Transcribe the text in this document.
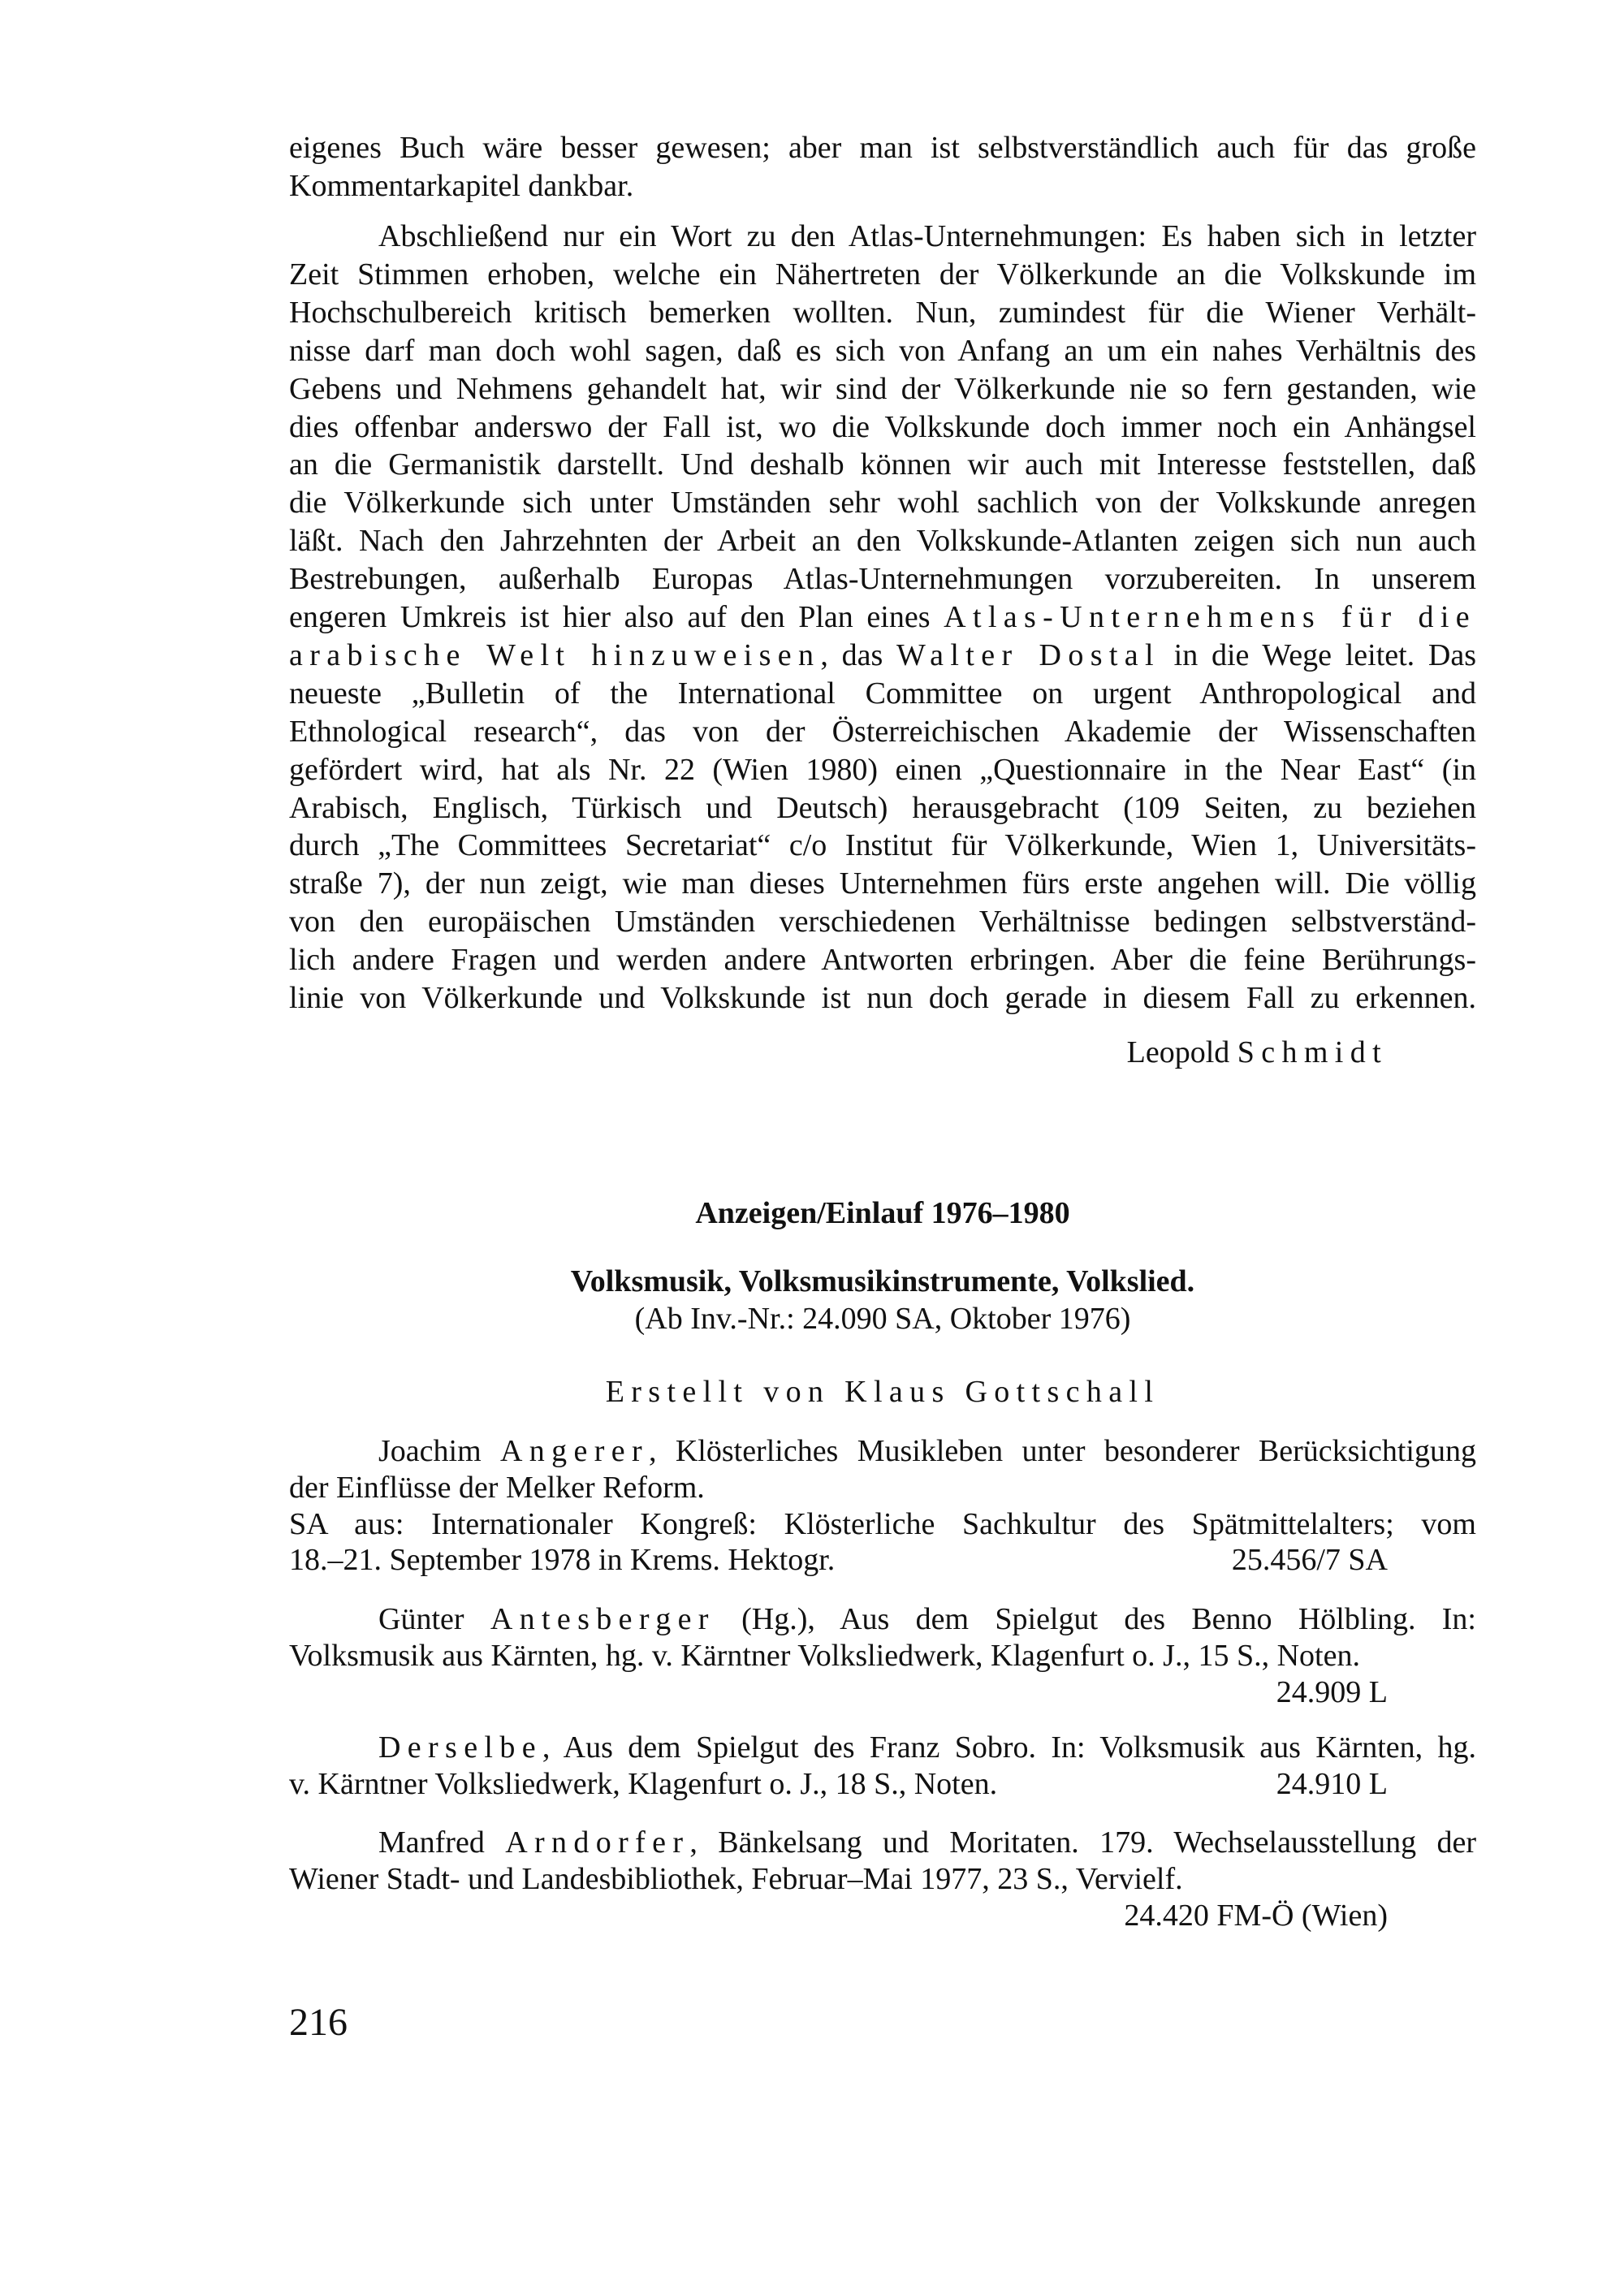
eigenes Buch wäre besser gewesen; aber man ist selbstverständlich auch für das große
Kommentarkapitel dankbar.
Abschließend nur ein Wort zu den Atlas-Unternehmungen: Es haben sich in letzter
Zeit Stimmen erhoben, welche ein Nähertreten der Völkerkunde an die Volkskunde im
Hochschulbereich kritisch bemerken wollten. Nun, zumindest für die Wiener Verhält-
nisse darf man doch wohl sagen, daß es sich von Anfang an um ein nahes Verhältnis des
Gebens und Nehmens gehandelt hat, wir sind der Völkerkunde nie so fern gestanden, wie
dies offenbar anderswo der Fall ist, wo die Volkskunde doch immer noch ein Anhängsel
an die Germanistik darstellt. Und deshalb können wir auch mit Interesse feststellen, daß
die Völkerkunde sich unter Umständen sehr wohl sachlich von der Volkskunde anregen
läßt. Nach den Jahrzehnten der Arbeit an den Volkskunde-Atlanten zeigen sich nun auch
Bestrebungen, außerhalb Europas Atlas-Unternehmungen vorzubereiten. In unserem
engeren Umkreis ist hier also auf den Plan eines Atlas-Unternehmens für die
arabische Welt hinzuweisen, das Walter Dostal in die Wege leitet. Das
neueste „Bulletin of the International Committee on urgent Anthropological and
Ethnological research“, das von der Österreichischen Akademie der Wissenschaften
gefördert wird, hat als Nr. 22 (Wien 1980) einen „Questionnaire in the Near East“ (in
Arabisch, Englisch, Türkisch und Deutsch) herausgebracht (109 Seiten, zu beziehen
durch „The Committees Secretariat“ c/o Institut für Völkerkunde, Wien 1, Universitäts-
straße 7), der nun zeigt, wie man dieses Unternehmen fürs erste angehen will. Die völlig
von den europäischen Umständen verschiedenen Verhältnisse bedingen selbstverständ-
lich andere Fragen und werden andere Antworten erbringen. Aber die feine Berührungs-
linie von Völkerkunde und Volkskunde ist nun doch gerade in diesem Fall zu erkennen.
Leopold Schmidt
Anzeigen/Einlauf 1976–1980
Volksmusik, Volksmusikinstrumente, Volkslied.
(Ab Inv.-Nr.: 24.090 SA, Oktober 1976)
Erstellt von Klaus Gottschall
Joachim Angerer, Klösterliches Musikleben unter besonderer Berücksichtigung
der Einflüsse der Melker Reform.
SA aus: Internationaler Kongreß: Klösterliche Sachkultur des Spätmittelalters; vom
18.–21. September 1978 in Krems. Hektogr.	25.456/7 SA
Günter Antesberger (Hg.), Aus dem Spielgut des Benno Hölbling. In:
Volksmusik aus Kärnten, hg. v. Kärntner Volksliedwerk, Klagenfurt o. J., 15 S., Noten.
24.909 L
Derselbe, Aus dem Spielgut des Franz Sobro. In: Volksmusik aus Kärnten, hg.
v. Kärntner Volksliedwerk, Klagenfurt o. J., 18 S., Noten.	24.910 L
Manfred Arndorfer, Bänkelsang und Moritaten. 179. Wechselausstellung der
Wiener Stadt- und Landesbibliothek, Februar–Mai 1977, 23 S., Vervielf.
24.420 FM-Ö (Wien)
216
